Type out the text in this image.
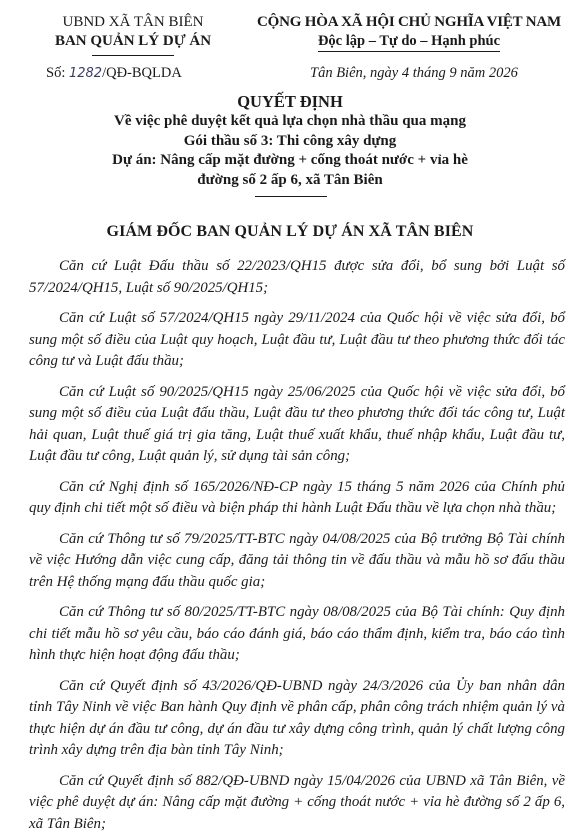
UBND XÃ TÂN BIÊN
BAN QUẢN LÝ DỰ ÁN
CỘNG HÒA XÃ HỘI CHỦ NGHĨA VIỆT NAM
Độc lập – Tự do – Hạnh phúc
Số: 1282/QĐ-BQLDA	Tân Biên, ngày 4 tháng 9 năm 2026
QUYẾT ĐỊNH
Về việc phê duyệt kết quả lựa chọn nhà thầu qua mạng
Gói thầu số 3: Thi công xây dựng
Dự án: Nâng cấp mặt đường + cống thoát nước + vỉa hè
đường số 2 ấp 6, xã Tân Biên
GIÁM ĐỐC BAN QUẢN LÝ DỰ ÁN XÃ TÂN BIÊN

Căn cứ Luật Đấu thầu số 22/2023/QH15 được sửa đổi, bổ sung bởi Luật số 57/2024/QH15, Luật số 90/2025/QH15;

Căn cứ Luật số 57/2024/QH15 ngày 29/11/2024 của Quốc hội về việc sửa đổi, bổ sung một số điều của Luật quy hoạch, Luật đầu tư, Luật đầu tư theo phương thức đối tác công tư và Luật đấu thầu;

Căn cứ Luật số 90/2025/QH15 ngày 25/06/2025 của Quốc hội về việc sửa đổi, bổ sung một số điều của Luật đấu thầu, Luật đầu tư theo phương thức đối tác công tư, Luật hải quan, Luật thuế giá trị gia tăng, Luật thuế xuất khẩu, thuế nhập khẩu, Luật đầu tư, Luật đầu tư công, Luật quản lý, sử dụng tài sản công;

Căn cứ Nghị định số 165/2026/NĐ-CP ngày 15 tháng 5 năm 2026 của Chính phủ quy định chi tiết một số điều và biện pháp thi hành Luật Đấu thầu về lựa chọn nhà thầu;

Căn cứ Thông tư số 79/2025/TT-BTC ngày 04/08/2025 của Bộ trưởng Bộ Tài chính về việc Hướng dẫn việc cung cấp, đăng tải thông tin về đấu thầu và mẫu hồ sơ đấu thầu trên Hệ thống mạng đấu thầu quốc gia;

Căn cứ Thông tư số 80/2025/TT-BTC ngày 08/08/2025 của Bộ Tài chính: Quy định chi tiết mẫu hồ sơ yêu cầu, báo cáo đánh giá, báo cáo thẩm định, kiểm tra, báo cáo tình hình thực hiện hoạt động đấu thầu;

Căn cứ Quyết định số 43/2026/QĐ-UBND ngày 24/3/2026 của Ủy ban nhân dân tỉnh Tây Ninh về việc Ban hành Quy định về phân cấp, phân công trách nhiệm quản lý và thực hiện dự án đầu tư công, dự án đầu tư xây dựng công trình, quản lý chất lượng công trình xây dựng trên địa bàn tỉnh Tây Ninh;

Căn cứ Quyết định số 882/QĐ-UBND ngày 15/04/2026 của UBND xã Tân Biên, về việc phê duyệt dự án: Nâng cấp mặt đường + cống thoát nước + vỉa hè đường số 2 ấp 6, xã Tân Biên;
